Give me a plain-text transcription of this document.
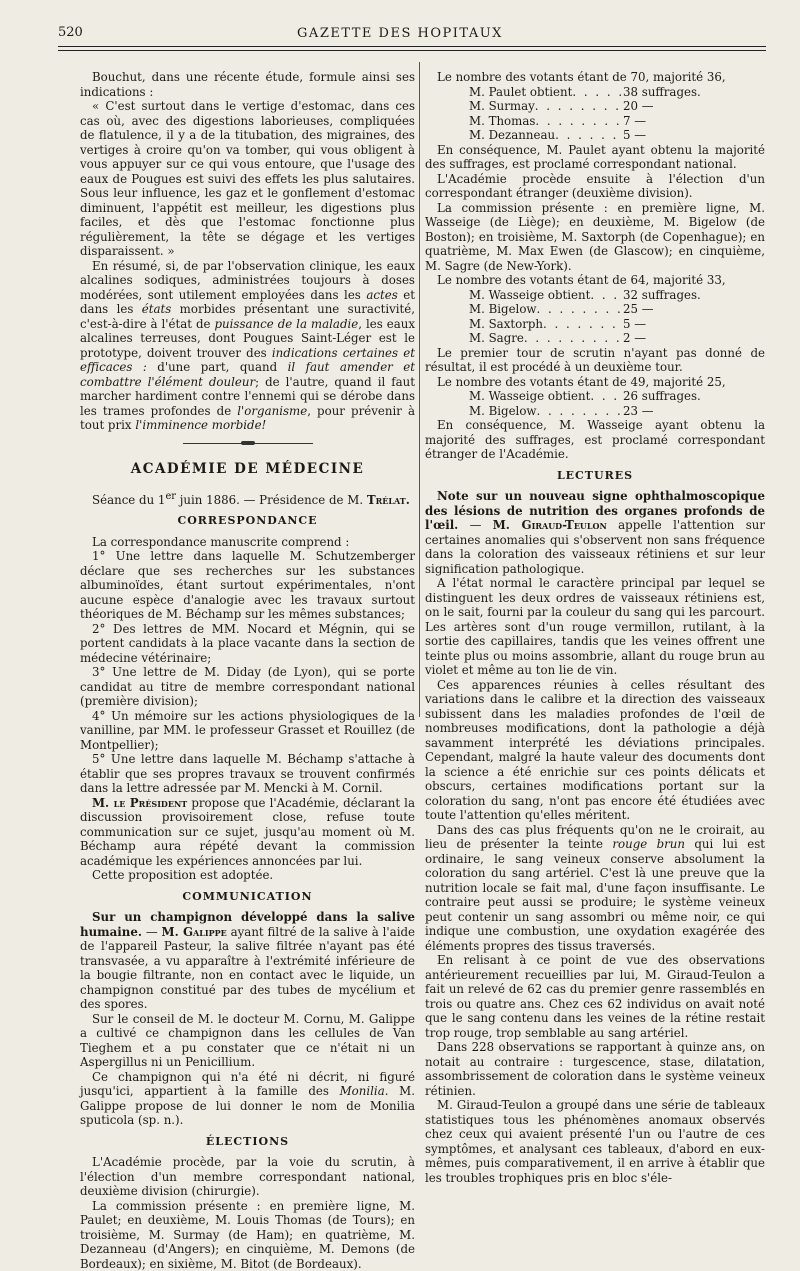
520	GAZETTE DES HOPITAUX

Bouchut, dans une récente étude, formule ainsi ses indications :

« C'est surtout dans le vertige d'estomac, dans ces cas où, avec des digestions laborieuses, compliquées de flatulence, il y a de la titubation, des migraines, des vertiges à croire qu'on va tomber, qui vous obligent à vous appuyer sur ce qui vous entoure, que l'usage des eaux de Pougues est suivi des effets les plus salutaires. Sous leur influence, les gaz et le gonflement d'estomac diminuent, l'appétit est meilleur, les digestions plus faciles, et dès que l'estomac fonctionne plus régulièrement, la tête se dégage et les vertiges disparaissent. »

En résumé, si, de par l'observation clinique, les eaux alcalines sodiques, administrées toujours à doses modérées, sont utilement employées dans les actes et dans les états morbides présentant une suractivité, c'est-à-dire à l'état de puissance de la maladie, les eaux alcalines terreuses, dont Pougues Saint-Léger est le prototype, doivent trouver des indications certaines et efficaces : d'une part, quand il faut amender et combattre l'élément douleur; de l'autre, quand il faut marcher hardiment contre l'ennemi qui se dérobe dans les trames profondes de l'organisme, pour prévenir à tout prix l'imminence morbide!

ACADÉMIE DE MÉDECINE

Séance du 1er juin 1886. — Présidence de M. Trélat.

CORRESPONDANCE

La correspondance manuscrite comprend :

1° Une lettre dans laquelle M. Schutzemberger déclare que ses recherches sur les substances albuminoïdes, étant surtout expérimentales, n'ont aucune espèce d'analogie avec les travaux surtout théoriques de M. Béchamp sur les mêmes substances;

2° Des lettres de MM. Nocard et Mégnin, qui se portent candidats à la place vacante dans la section de médecine vétérinaire;

3° Une lettre de M. Diday (de Lyon), qui se porte candidat au titre de membre correspondant national (première division);

4° Un mémoire sur les actions physiologiques de la vanilline, par MM. le professeur Grasset et Rouillez (de Montpellier);

5° Une lettre dans laquelle M. Béchamp s'attache à établir que ses propres travaux se trouvent confirmés dans la lettre adressée par M. Mencki à M. Cornil.

M. le Président propose que l'Académie, déclarant la discussion provisoirement close, refuse toute communication sur ce sujet, jusqu'au moment où M. Béchamp aura répété devant la commission académique les expériences annoncées par lui.

Cette proposition est adoptée.

COMMUNICATION

Sur un champignon développé dans la salive humaine. — M. Galippe ayant filtré de la salive à l'aide de l'appareil Pasteur, la salive filtrée n'ayant pas été transvasée, a vu apparaître à l'extrémité inférieure de la bougie filtrante, non en contact avec le liquide, un champignon constitué par des tubes de mycélium et des spores.

Sur le conseil de M. le docteur M. Cornu, M. Galippe a cultivé ce champignon dans les cellules de Van Tieghem et a pu constater que ce n'était ni un Aspergillus ni un Penicillium.

Ce champignon qui n'a été ni décrit, ni figuré jusqu'ici, appartient à la famille des Monilia. M. Galippe propose de lui donner le nom de Monilia sputicola (sp. n.).

ÉLECTIONS

L'Académie procède, par la voie du scrutin, à l'élection d'un membre correspondant national, deuxième division (chirurgie).

La commission présente : en première ligne, M. Paulet; en deuxième, M. Louis Thomas (de Tours); en troisième, M. Surmay (de Ham); en quatrième, M. Dezanneau (d'Angers); en cinquième, M. Demons (de Bordeaux); en sixième, M. Bitot (de Bordeaux).

Le nombre des votants étant de 70, majorité 36,

M. Paulet obtient . . .	38 suffrages.
M. Surmay . . .	20 —
M. Thomas . . .	7 —
M. Dezanneau . . .	5 —

En conséquence, M. Paulet ayant obtenu la majorité des suffrages, est proclamé correspondant national.

L'Académie procède ensuite à l'élection d'un correspondant étranger (deuxième division).

La commission présente : en première ligne, M. Wasseige (de Liège); en deuxième, M. Bigelow (de Boston); en troisième, M. Saxtorph (de Copenhague); en quatrième, M. Max Ewen (de Glascow); en cinquième, M. Sagre (de New-York).

Le nombre des votants étant de 64, majorité 33,

M. Wasseige obtient . . .	32 suffrages.
M. Bigelow . . .	25 —
M. Saxtorph . . .	5 —
M. Sagre . . .	2 —

Le premier tour de scrutin n'ayant pas donné de résultat, il est procédé à un deuxième tour.

Le nombre des votants étant de 49, majorité 25,

M. Wasseige obtient . . .	26 suffrages.
M. Bigelow . . .	23 —

En conséquence, M. Wasseige ayant obtenu la majorité des suffrages, est proclamé correspondant étranger de l'Académie.

LECTURES

Note sur un nouveau signe ophthalmoscopique des lésions de nutrition des organes profonds de l'œil. — M. Giraud-Teulon appelle l'attention sur certaines anomalies qui s'observent non sans fréquence dans la coloration des vaisseaux rétiniens et sur leur signification pathologique.

A l'état normal le caractère principal par lequel se distinguent les deux ordres de vaisseaux rétiniens est, on le sait, fourni par la couleur du sang qui les parcourt. Les artères sont d'un rouge vermillon, rutilant, à la sortie des capillaires, tandis que les veines offrent une teinte plus ou moins assombrie, allant du rouge brun au violet et même au ton lie de vin.

Ces apparences réunies à celles résultant des variations dans le calibre et la direction des vaisseaux subissent dans les maladies profondes de l'œil de nombreuses modifications, dont la pathologie a déjà savamment interprété les déviations principales. Cependant, malgré la haute valeur des documents dont la science a été enrichie sur ces points délicats et obscurs, certaines modifications portant sur la coloration du sang, n'ont pas encore été étudiées avec toute l'attention qu'elles méritent.

Dans des cas plus fréquents qu'on ne le croirait, au lieu de présenter la teinte rouge brun qui lui est ordinaire, le sang veineux conserve absolument la coloration du sang artériel. C'est là une preuve que la nutrition locale se fait mal, d'une façon insuffisante. Le contraire peut aussi se produire; le système veineux peut contenir un sang assombri ou même noir, ce qui indique une combustion, une oxydation exagérée des éléments propres des tissus traversés.

En relisant à ce point de vue des observations antérieurement recueillies par lui, M. Giraud-Teulon a fait un relevé de 62 cas du premier genre rassemblés en trois ou quatre ans. Chez ces 62 individus on avait noté que le sang contenu dans les veines de la rétine restait trop rouge, trop semblable au sang artériel.

Dans 228 observations se rapportant à quinze ans, on notait au contraire : turgescence, stase, dilatation, assombrissement de coloration dans le système veineux rétinien.

M. Giraud-Teulon a groupé dans une série de tableaux statistiques tous les phénomènes anomaux observés chez ceux qui avaient présenté l'un ou l'autre de ces symptômes, et analysant ces tableaux, d'abord en eux-mêmes, puis comparativement, il en arrive à établir que les troubles trophiques pris en bloc s'éle-
